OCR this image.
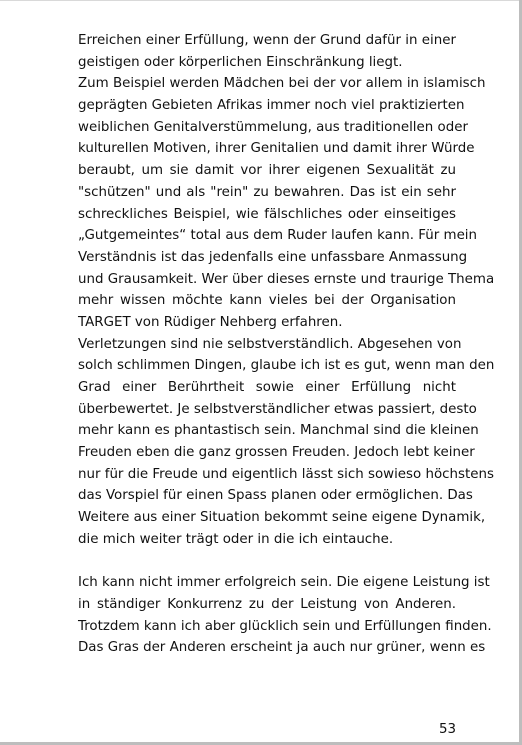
Erreichen einer Erfüllung, wenn der Grund dafür in einer
geistigen oder körperlichen Einschränkung liegt.
Zum Beispiel werden Mädchen bei der vor allem in islamisch
geprägten Gebieten Afrikas immer noch viel praktizierten
weiblichen Genitalverstümmelung, aus traditionellen oder
kulturellen Motiven, ihrer Genitalien und damit ihrer Würde
beraubt, um sie damit vor ihrer eigenen Sexualität zu
"schützen" und als "rein" zu bewahren. Das ist ein sehr
schreckliches Beispiel, wie fälschliches oder einseitiges
„Gutgemeintes“ total aus dem Ruder laufen kann. Für mein
Verständnis ist das jedenfalls eine unfassbare Anmassung
und Grausamkeit. Wer über dieses ernste und traurige Thema
mehr wissen möchte kann vieles bei der Organisation
TARGET von Rüdiger Nehberg erfahren.
Verletzungen sind nie selbstverständlich. Abgesehen von
solch schlimmen Dingen, glaube ich ist es gut, wenn man den
Grad einer Berührtheit sowie einer Erfüllung nicht
überbewertet. Je selbstverständlicher etwas passiert, desto
mehr kann es phantastisch sein. Manchmal sind die kleinen
Freuden eben die ganz grossen Freuden. Jedoch lebt keiner
nur für die Freude und eigentlich lässt sich sowieso höchstens
das Vorspiel für einen Spass planen oder ermöglichen. Das
Weitere aus einer Situation bekommt seine eigene Dynamik,
die mich weiter trägt oder in die ich eintauche.
Ich kann nicht immer erfolgreich sein. Die eigene Leistung ist
in ständiger Konkurrenz zu der Leistung von Anderen.
Trotzdem kann ich aber glücklich sein und Erfüllungen finden.
Das Gras der Anderen erscheint ja auch nur grüner, wenn es
53
